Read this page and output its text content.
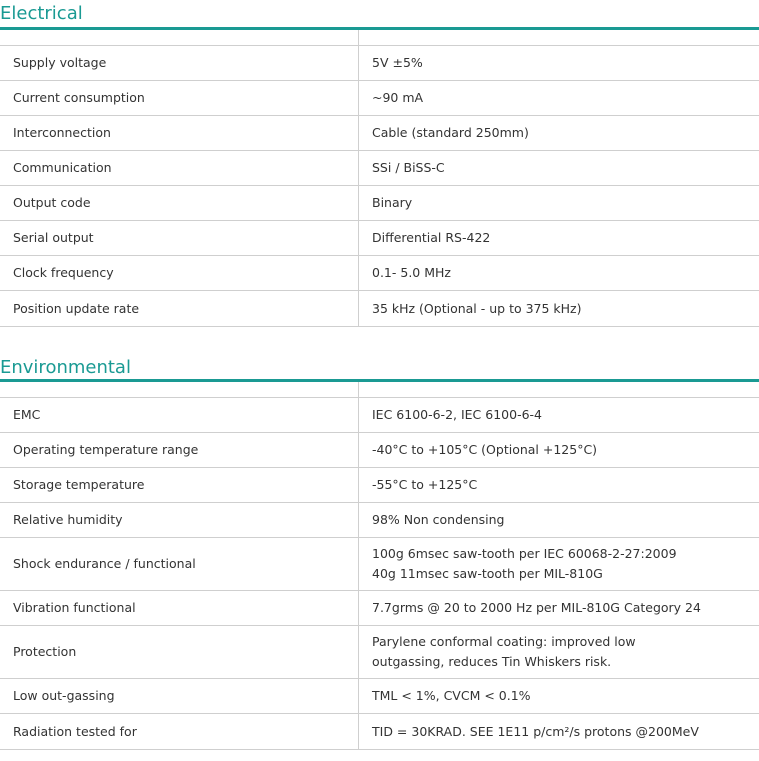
Electrical

Supply voltage	5V ±5%

Current consumption	~90 mA

Interconnection	Cable (standard 250mm)

Communication	SSi / BiSS-C

Output code	Binary

Serial output	Differential RS-422

Clock frequency	0.1- 5.0 MHz

Position update rate	35 kHz (Optional - up to 375 kHz)
Environmental

EMC	IEC 6100-6-2, IEC 6100-6-4

Operating temperature range	-40°C to +105°C (Optional +125°C)

Storage temperature	-55°C to +125°C

Relative humidity	98% Non condensing

Shock endurance / functional	100g 6msec saw-tooth per IEC 60068-2-27:2009
40g 11msec saw-tooth per MIL-810G

Vibration functional	7.7grms @ 20 to 2000 Hz per MIL-810G Category 24

Protection	Parylene conformal coating: improved low
outgassing, reduces Tin Whiskers risk.

Low out-gassing	TML < 1%, CVCM < 0.1%

Radiation tested for	TID = 30KRAD. SEE 1E11 p/cm²/s protons @200MeV
